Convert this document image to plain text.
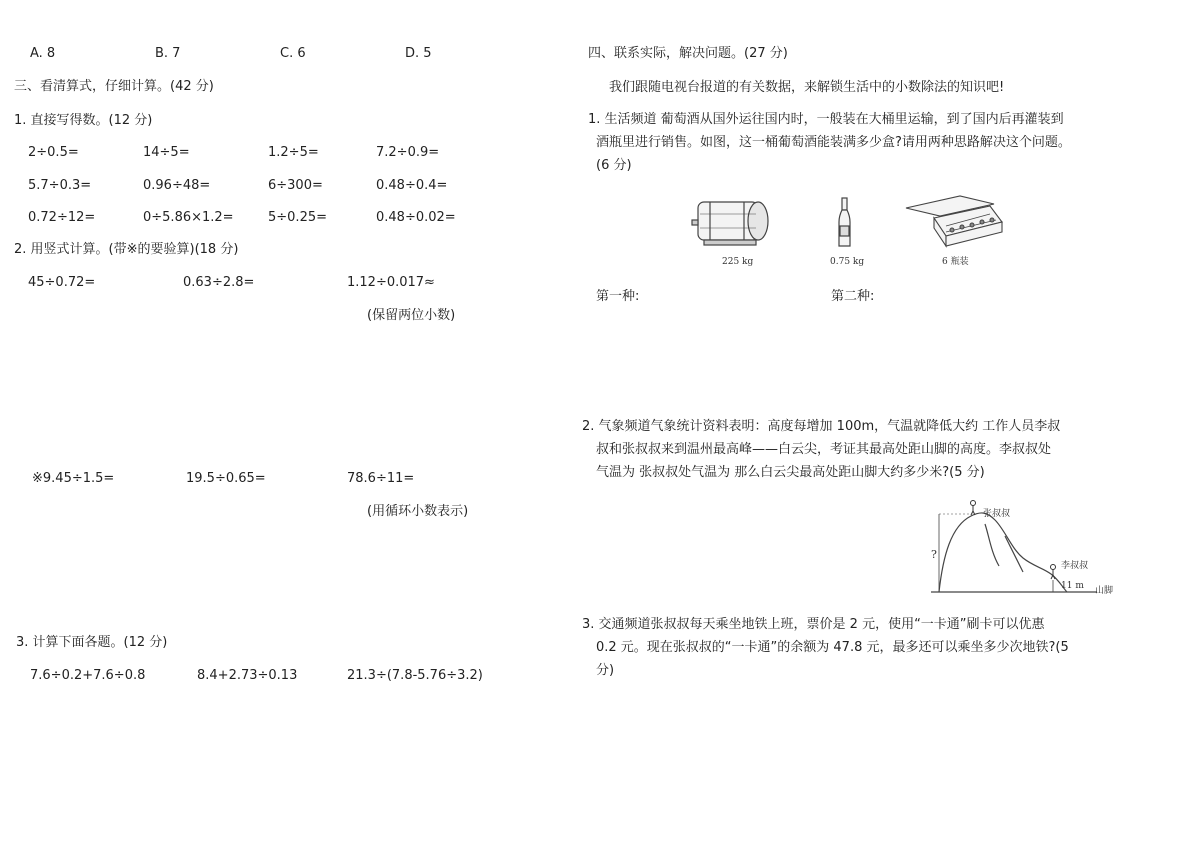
A. 8	B. 7	C. 6	D. 5
三、看清算式，仔细计算。(42 分)
1. 直接写得数。(12 分)
2÷0.5=	14÷5=	1.2÷5=	7.2÷0.9=
5.7÷0.3=	0.96÷48=	6÷300=	0.48÷0.4=
0.72÷12=	0÷5.86×1.2=	5÷0.25=	0.48÷0.02=
2. 用竖式计算。(带※的要验算)(18 分)
45÷0.72=	0.63÷2.8=	1.12÷0.017≈
(保留两位小数)
※9.45÷1.5=	19.5÷0.65=	78.6÷11=
(用循环小数表示)
3. 计算下面各题。(12 分)
7.6÷0.2+7.6÷0.8	8.4+2.73÷0.13	21.3÷(7.8-5.76÷3.2)
四、联系实际，解决问题。(27 分)
我们跟随电视台报道的有关数据，来解锁生活中的小数除法的知识吧!
1. 生活频道 葡萄酒从国外运往国内时，一般装在大桶里运输，到了国内后再灌装到
酒瓶里进行销售。如图，这一桶葡萄酒能装满多少盒?请用两种思路解决这个问题。
(6 分)
225 kg	0.75 kg	6 瓶装
第一种:	第二种:
2. 气象频道气象统计资料表明：高度每增加 100m，气温就降低大约 工作人员李叔
叔和张叔叔来到温州最高峰——白云尖，考证其最高处距山脚的高度。李叔叔处
气温为 张叔叔处气温为 那么白云尖最高处距山脚大约多少米?(5 分)
?
张叔叔
李叔叔
11 m 山脚
3. 交通频道张叔叔每天乘坐地铁上班，票价是 2 元，使用“一卡通”刷卡可以优惠
0.2 元。现在张叔叔的“一卡通”的余额为 47.8 元，最多还可以乘坐多少次地铁?(5
分)
